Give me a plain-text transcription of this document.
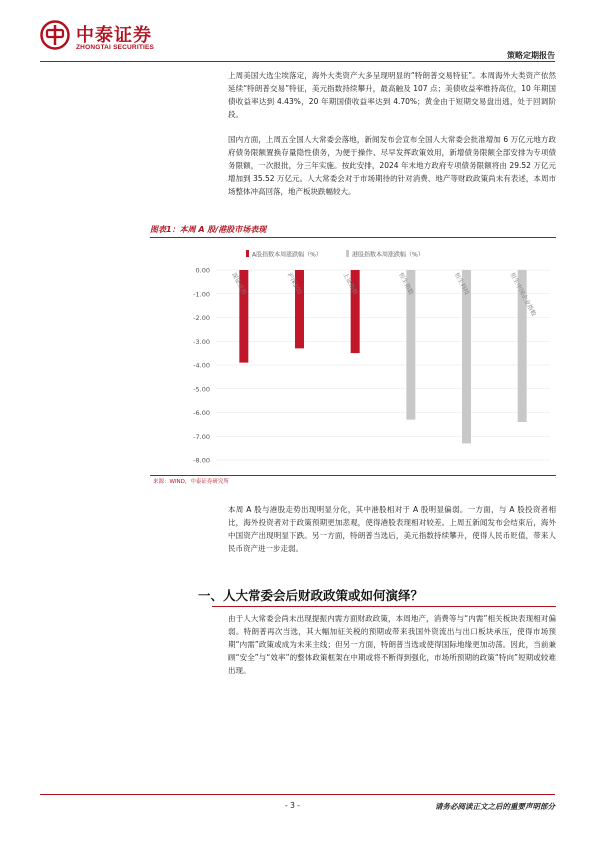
中泰证券
ZHONGTAI SECURITIES
策略定期报告

上周美国大选尘埃落定，海外大类资产大多呈现明显的“特朗普交易特征”。本周海外大类资产依然延续“特朗普交易”特征，美元指数持续攀升，最高触及 107 点；美债收益率维持高位，10 年期国债收益率达到 4.43%，20 年期国债收益率达到 4.70%；黄金由于短期交易盘出逃，处于回调阶段。

国内方面，上周五全国人大常委会落地，新闻发布会宣布全国人大常委会批准增加 6 万亿元地方政府债务限额置换存量隐性债务，为便于操作、尽早发挥政策效用，新增债务限额全部安排为专项债务限额，一次报批，分三年实施。按此安排，2024 年末地方政府专项债务限额将由 29.52 万亿元增加到 35.52 万亿元。人大常委会对于市场期待的针对消费、地产等财政政策尚未有表述，本周市场整体冲高回落，地产板块跌幅较大。

图表1：本周 A 股/港股市场表现
0.00
-1.00
-2.00
-3.00
-4.00
-5.00
-6.00
-7.00
-8.00
A股指数本周涨跌幅（%）	港股指数本周涨跌幅（%）
深证成指	沪深300	上证指数	恒生指数	恒生科技	恒生中国企业指数
来源：WIND，中泰证券研究所

本周 A 股与港股走势出现明显分化，其中港股相对于 A 股明显偏弱。一方面，与 A 股投资者相比，海外投资者对于政策预期更加悲观，使得港股表现相对较差。上周五新闻发布会结束后，海外中国资产出现明显下跌。另一方面，特朗普当选后，美元指数持续攀升，使得人民币贬值，带来人民币资产进一步走弱。

一、人大常委会后财政政策或如何演绎？

由于人大常委会尚未出现提振内需方面财政政策，本周地产，消费等与“内需”相关板块表现相对偏弱。特朗普再次当选，其大幅加征关税的预期或带来我国外资流出与出口板块承压，使得市场预期“内需”政策或成为未来主线；但另一方面，特朗普当选或使得国际地缘更加动荡。因此，当前兼顾“安全”与“效率”的整体政策框架在中期或将不断得到强化，市场所预期的政策“特向”短期或较难出现。

- 3 -	请务必阅读正文之后的重要声明部分
